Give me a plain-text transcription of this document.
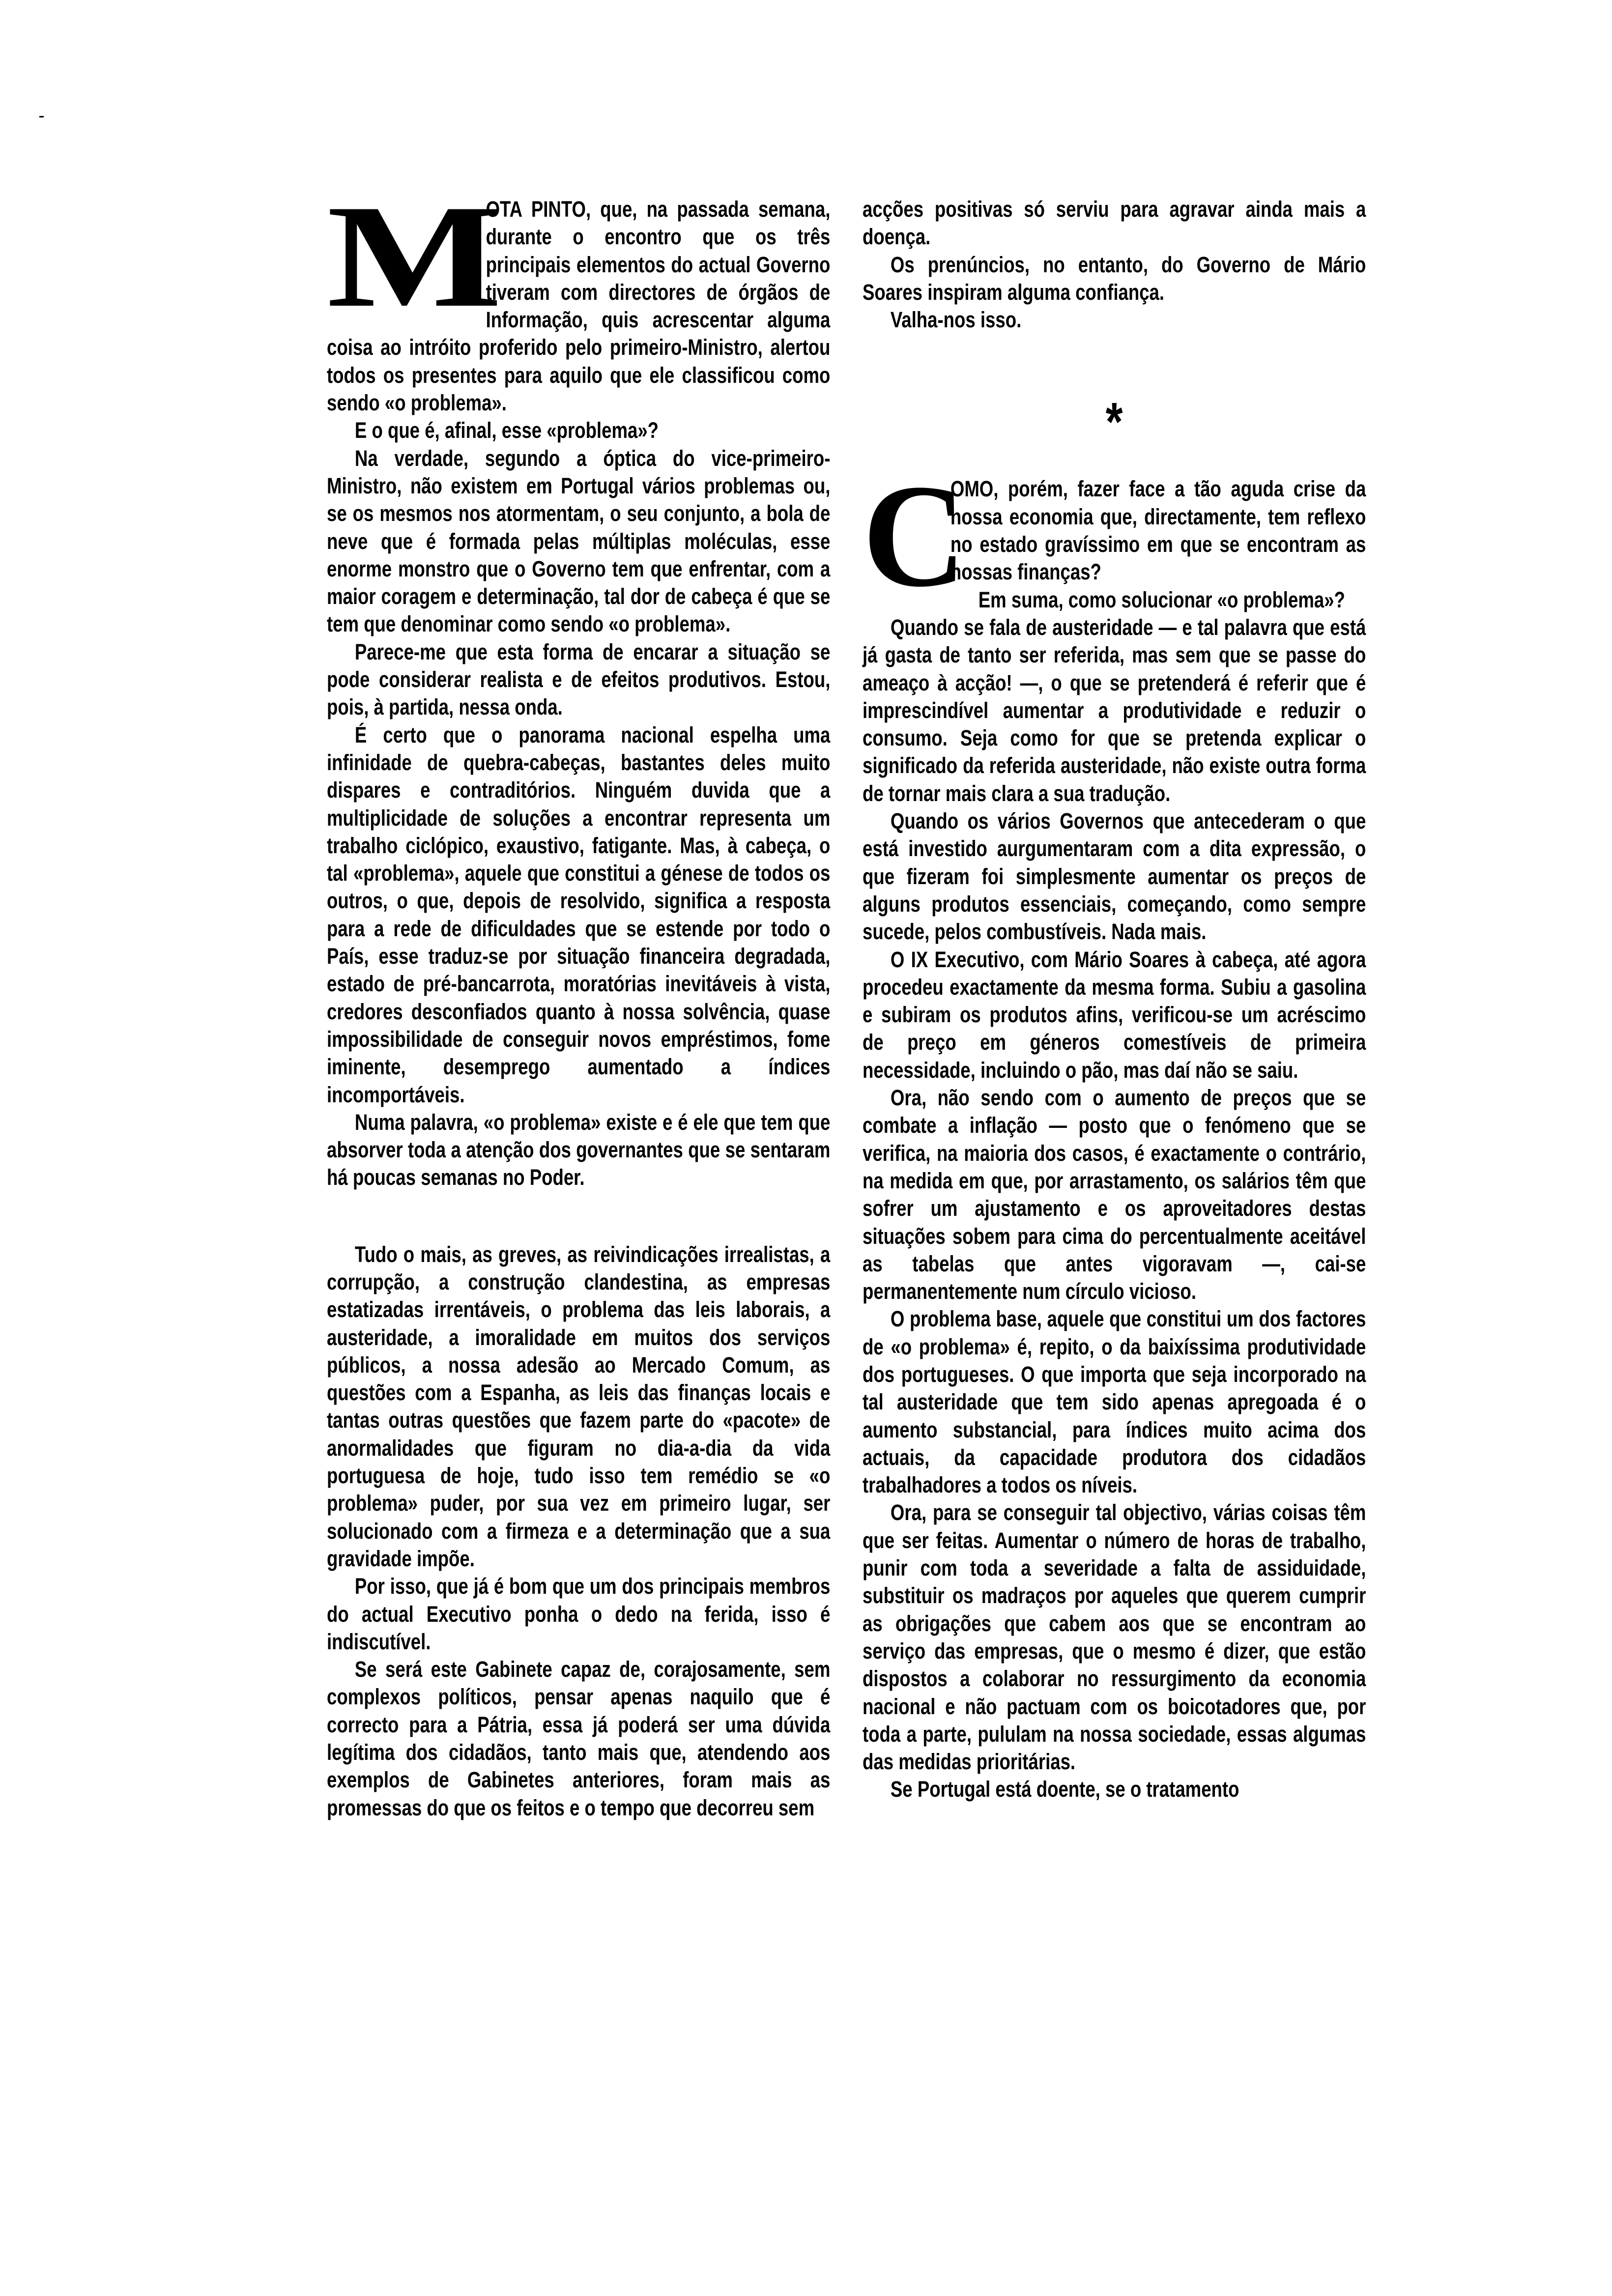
M
OTA PINTO, que, na passada semana, durante o encontro que os três principais elementos do actual Governo tiveram com directores de órgãos de Informação, quis acrescentar alguma coisa ao intróito proferido pelo primeiro-Ministro, alertou todos os presentes para aquilo que ele classificou como sendo «o problema».

E o que é, afinal, esse «problema»?

Na verdade, segundo a óptica do vice-primeiro-Ministro, não existem em Portugal vários problemas ou, se os mesmos nos atormentam, o seu conjunto, a bola de neve que é formada pelas múltiplas moléculas, esse enorme monstro que o Governo tem que enfrentar, com a maior coragem e determinação, tal dor de cabeça é que se tem que denominar como sendo «o problema».

Parece-me que esta forma de encarar a situação se pode considerar realista e de efeitos produtivos. Estou, pois, à partida, nessa onda.

É certo que o panorama nacional espelha uma infinidade de quebra-cabeças, bastantes deles muito dispares e contraditórios. Ninguém duvida que a multiplicidade de soluções a encontrar representa um trabalho ciclópico, exaustivo, fatigante. Mas, à cabeça, o tal «problema», aquele que constitui a génese de todos os outros, o que, depois de resolvido, significa a resposta para a rede de dificuldades que se estende por todo o País, esse traduz-se por situação financeira degradada, estado de pré-bancarrota, moratórias inevitáveis à vista, credores desconfiados quanto à nossa solvência, quase impossibilidade de conseguir novos empréstimos, fome iminente, desemprego aumentado a índices incomportáveis.

Numa palavra, «o problema» existe e é ele que tem que absorver toda a atenção dos governantes que se sentaram há poucas semanas no Poder.

Tudo o mais, as greves, as reivindicações irrealistas, a corrupção, a construção clandestina, as empresas estatizadas irrentáveis, o problema das leis laborais, a austeridade, a imoralidade em muitos dos serviços públicos, a nossa adesão ao Mercado Comum, as questões com a Espanha, as leis das finanças locais e tantas outras questões que fazem parte do «pacote» de anormalidades que figuram no dia-a-dia da vida portuguesa de hoje, tudo isso tem remédio se «o problema» puder, por sua vez em primeiro lugar, ser solucionado com a firmeza e a determinação que a sua gravidade impõe.

Por isso, que já é bom que um dos principais membros do actual Executivo ponha o dedo na ferida, isso é indiscutível.

Se será este Gabinete capaz de, corajosamente, sem complexos políticos, pensar apenas naquilo que é correcto para a Pátria, essa já poderá ser uma dúvida legítima dos cidadãos, tanto mais que, atendendo aos exemplos de Gabinetes anteriores, foram mais as promessas do que os feitos e o tempo que decorreu sem

acções positivas só serviu para agravar ainda mais a doença.

Os prenúncios, no entanto, do Governo de Mário Soares inspiram alguma confiança.

Valha-nos isso.

*

C
OMO, porém, fazer face a tão aguda crise da nossa economia que, directamente, tem reflexo no estado gravíssimo em que se encontram as nossas finanças?

Em suma, como solucionar «o problema»?

Quando se fala de austeridade — e tal palavra que está já gasta de tanto ser referida, mas sem que se passe do ameaço à acção! —, o que se pretenderá é referir que é imprescindível aumentar a produtividade e reduzir o consumo. Seja como for que se pretenda explicar o significado da referida austeridade, não existe outra forma de tornar mais clara a sua tradução.

Quando os vários Governos que antecederam o que está investido aurgumentaram com a dita expressão, o que fizeram foi simplesmente aumentar os preços de alguns produtos essenciais, começando, como sempre sucede, pelos combustíveis. Nada mais.

O IX Executivo, com Mário Soares à cabeça, até agora procedeu exactamente da mesma forma. Subiu a gasolina e subiram os produtos afins, verificou-se um acréscimo de preço em géneros comestíveis de primeira necessidade, incluindo o pão, mas daí não se saiu.

Ora, não sendo com o aumento de preços que se combate a inflação — posto que o fenómeno que se verifica, na maioria dos casos, é exactamente o contrário, na medida em que, por arrastamento, os salários têm que sofrer um ajustamento e os aproveitadores destas situações sobem para cima do percentualmente aceitável as tabelas que antes vigoravam —, cai-se permanentemente num círculo vicioso.

O problema base, aquele que constitui um dos factores de «o problema» é, repito, o da baixíssima produtividade dos portugueses. O que importa que seja incorporado na tal austeridade que tem sido apenas apregoada é o aumento substancial, para índices muito acima dos actuais, da capacidade produtora dos cidadãos trabalhadores a todos os níveis.

Ora, para se conseguir tal objectivo, várias coisas têm que ser feitas. Aumentar o número de horas de trabalho, punir com toda a severidade a falta de assiduidade, substituir os madraços por aqueles que querem cumprir as obrigações que cabem aos que se encontram ao serviço das empresas, que o mesmo é dizer, que estão dispostos a colaborar no ressurgimento da economia nacional e não pactuam com os boicotadores que, por toda a parte, pululam na nossa sociedade, essas algumas das medidas prioritárias.

Se Portugal está doente, se o tratamento
